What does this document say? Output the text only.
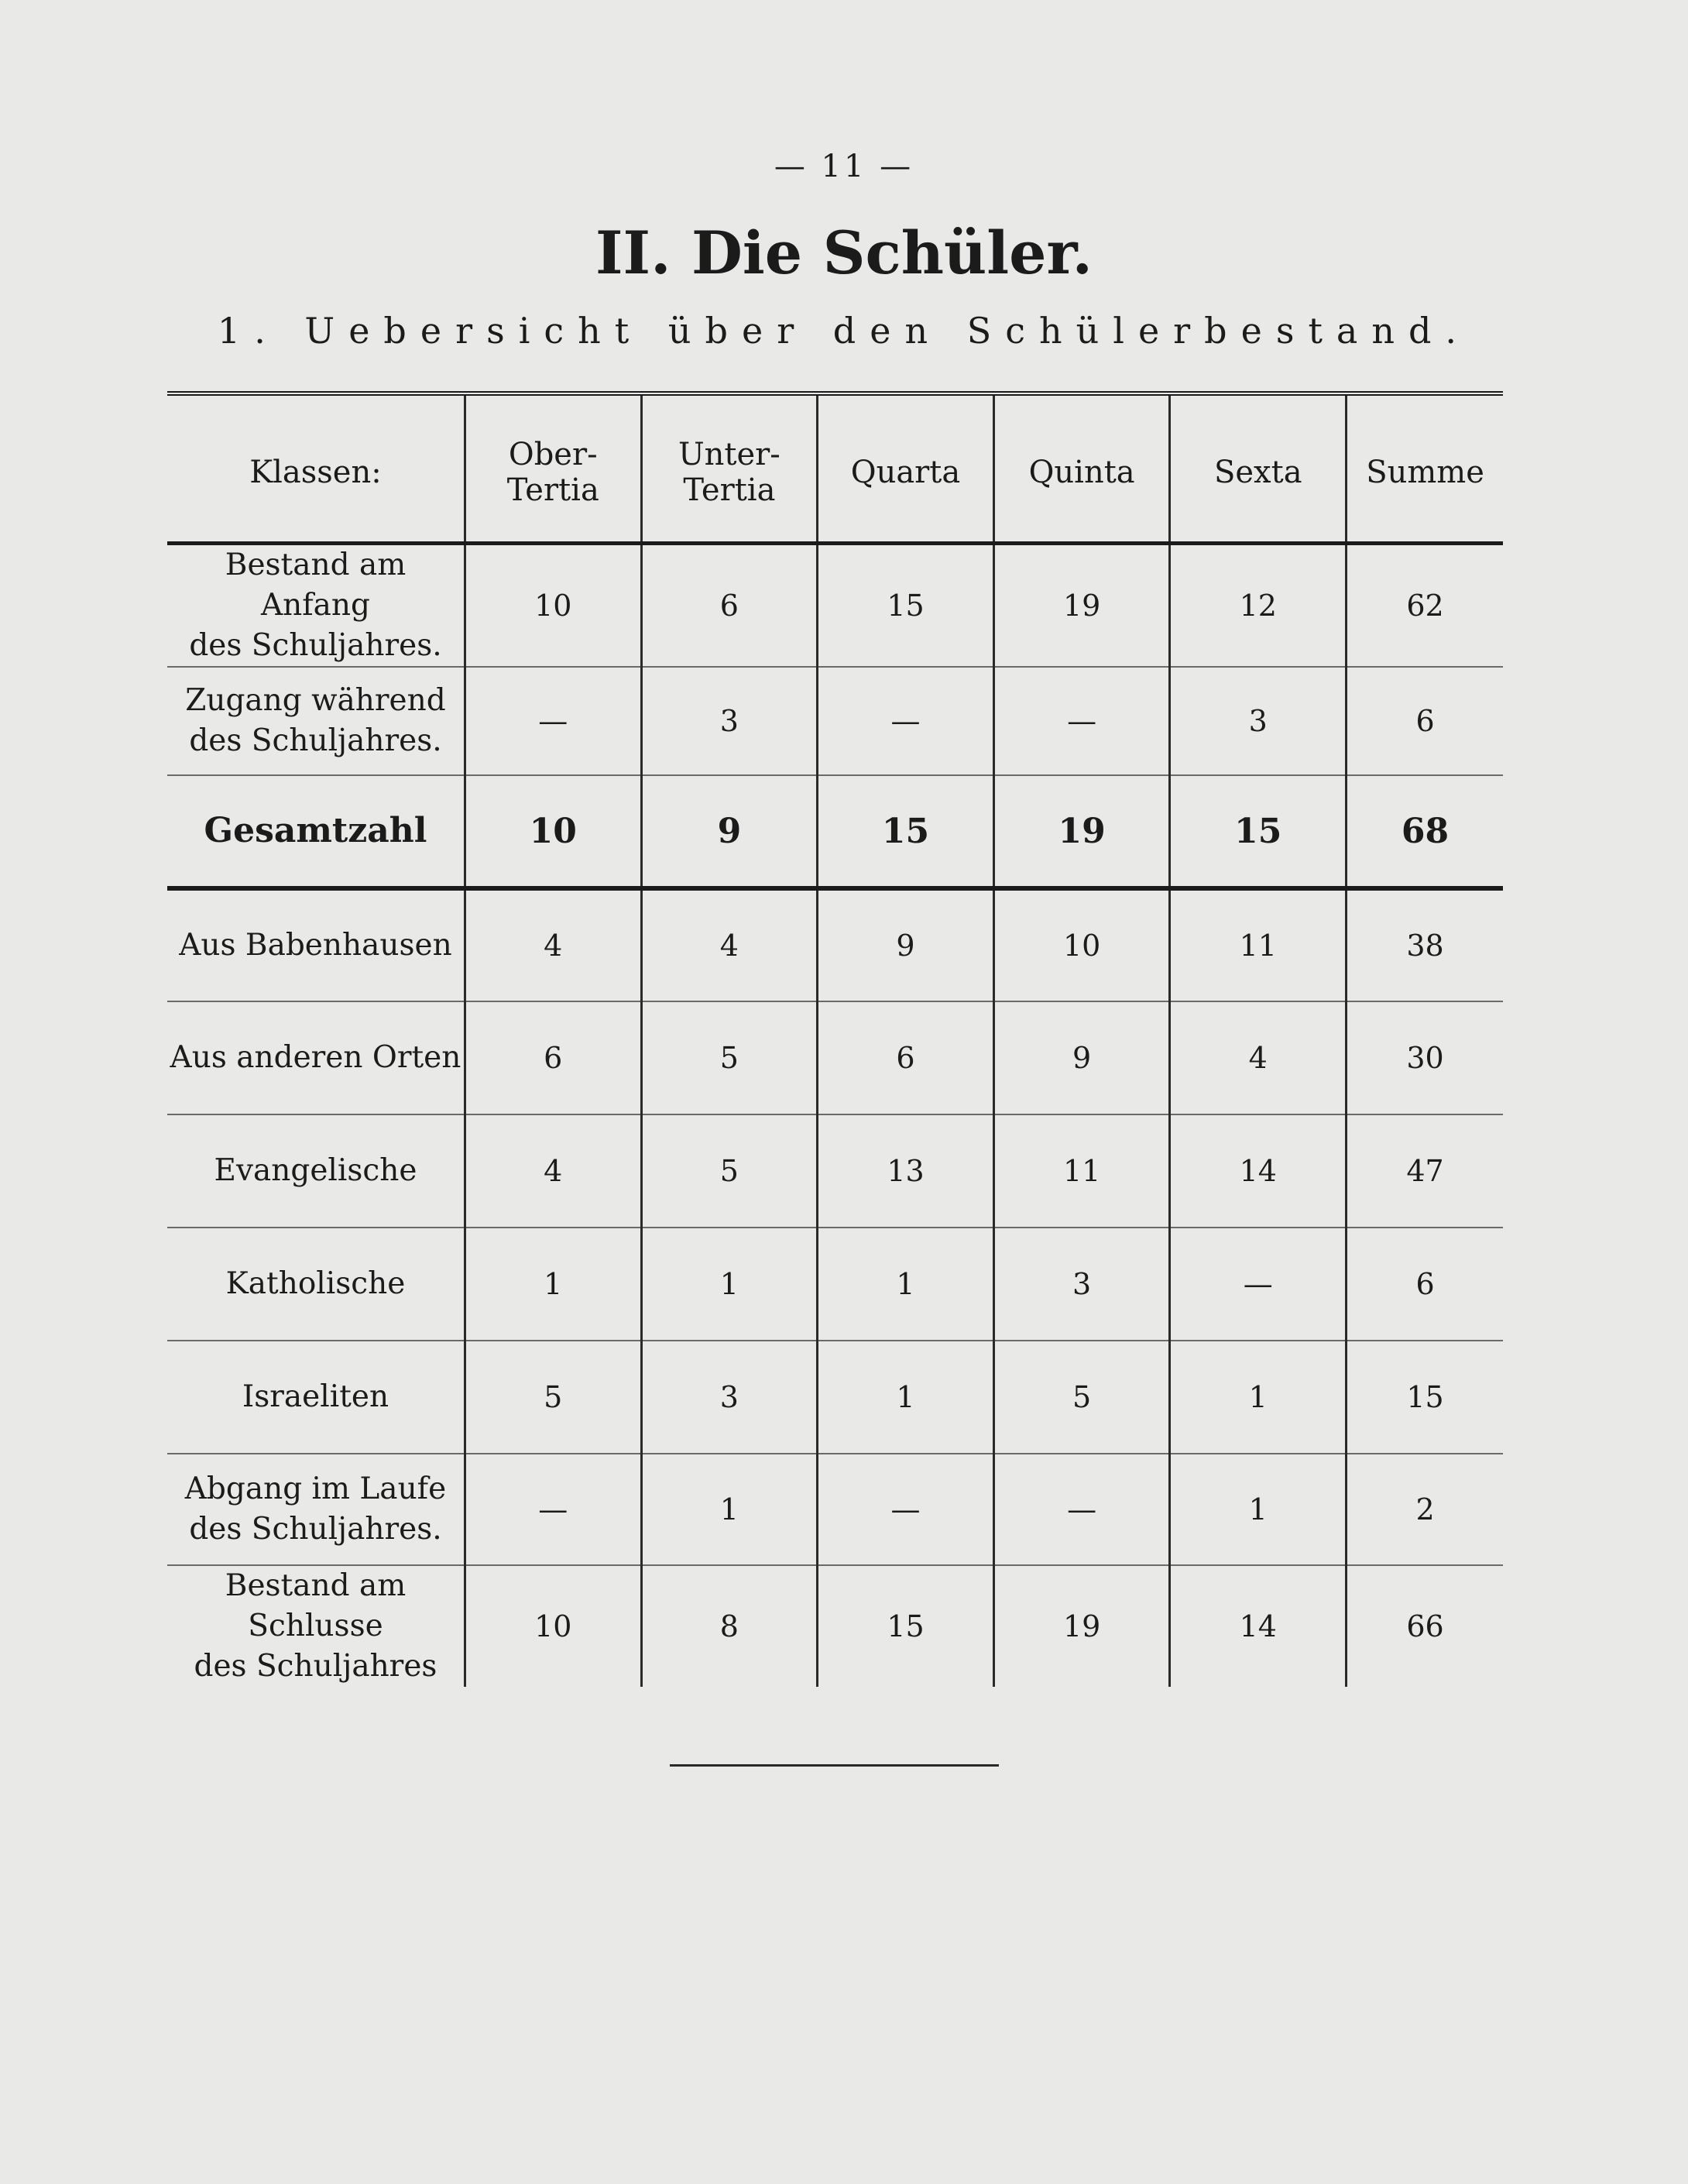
— 11 —
II. Die Schüler.
1. Uebersicht über den Schülerbestand.
Klassen:	Ober-Tertia	Unter-Tertia	Quarta	Quinta	Sexta	Summe
Bestand am Anfang
des Schuljahres.	10	6	15	19	12	62
Zugang während
des Schuljahres.	—	3	—	—	3	6
Gesamtzahl	10	9	15	19	15	68
Aus Babenhausen	4	4	9	10	11	38
Aus anderen Orten	6	5	6	9	4	30
Evangelische	4	5	13	11	14	47
Katholische	1	1	1	3	—	6
Israeliten	5	3	1	5	1	15
Abgang im Laufe
des Schuljahres.	—	1	—	—	1	2
Bestand am Schlusse
des Schuljahres	10	8	15	19	14	66
